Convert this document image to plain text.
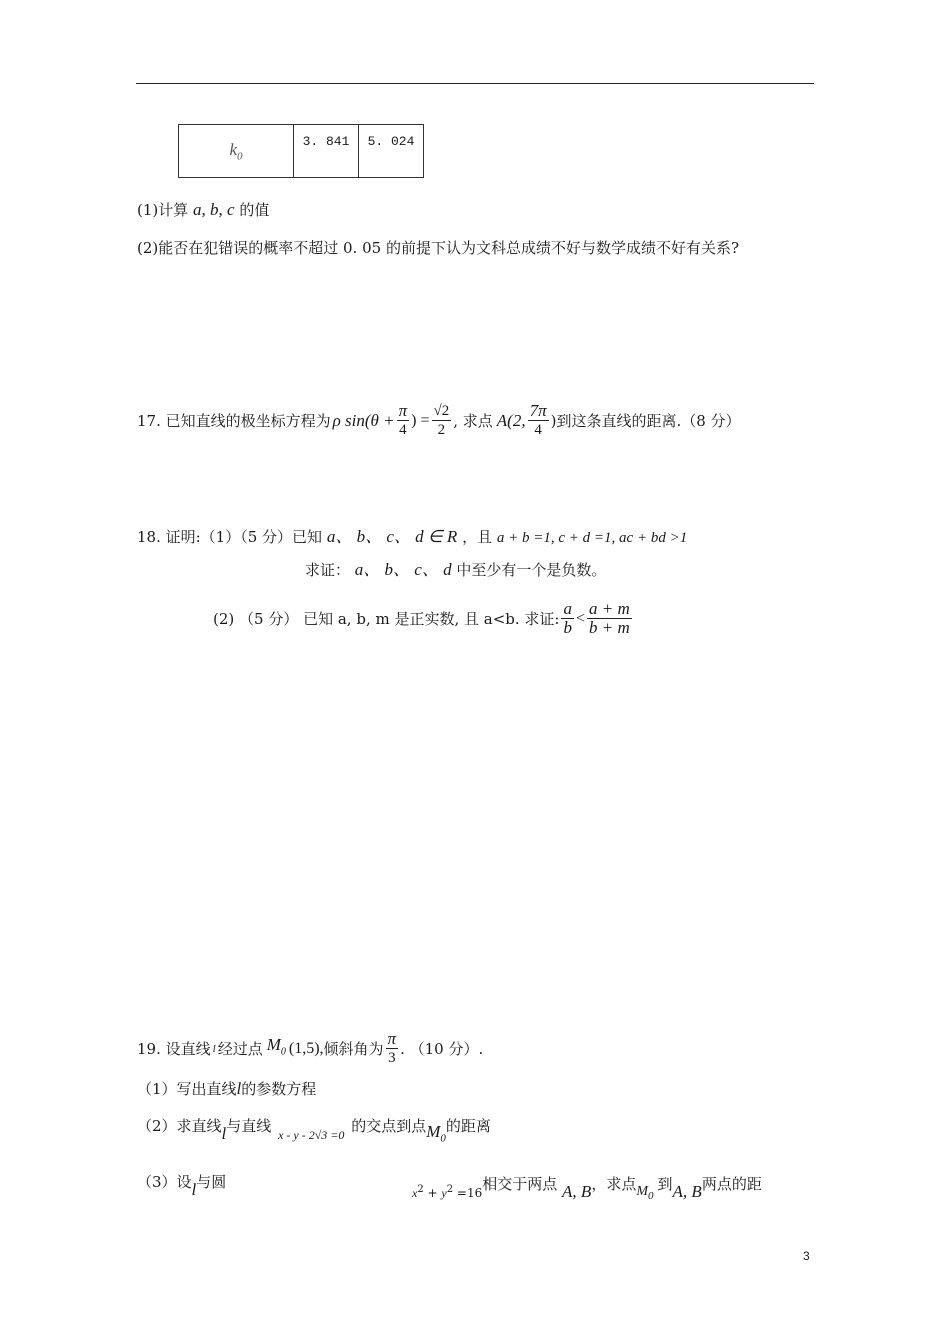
$k_0$	3. 841	5. 024
(1)计算 a, b, c 的值
(2)能否在犯错误的概率不超过 0. 05 的前提下认为文科总成绩不好与数学成绩不好有关系?
17. 已知直线的极坐标方程为 ρ $\sin(\theta + \frac{\pi}{4}$ ) = $\frac{√2}{2}$ , 求点 A(2, $\frac{7\pi}{4}$ )到这条直线的距离.（8 分）
18. 证明:（1）（5 分）已知 a、 b、 c、 d ∈ R ，且 a + b =1, c + d =1, ac + bd >1
求证： a、 b、 c、 d 中至少有一个是负数。
(2) （5 分） 已知 a, b, m 是正实数, 且 a<b. 求证: $\frac{a}{b} < \frac{a + m}{b + m}$
19. 设直线 l 经过点 $M_0$ (1,5), 倾斜角为 $\frac{\pi}{3}$ . （10 分）.
（1）写出直线l的参数方程
（2）求直线l与直线 $_{x - y - 2√3 =0}$ 的交点到点$M_0$的距离
（3）设l与圆
$_{x^2 + y^2 =16}$相交于两点 A, B，求点$M_0$到A, B两点的距
3
